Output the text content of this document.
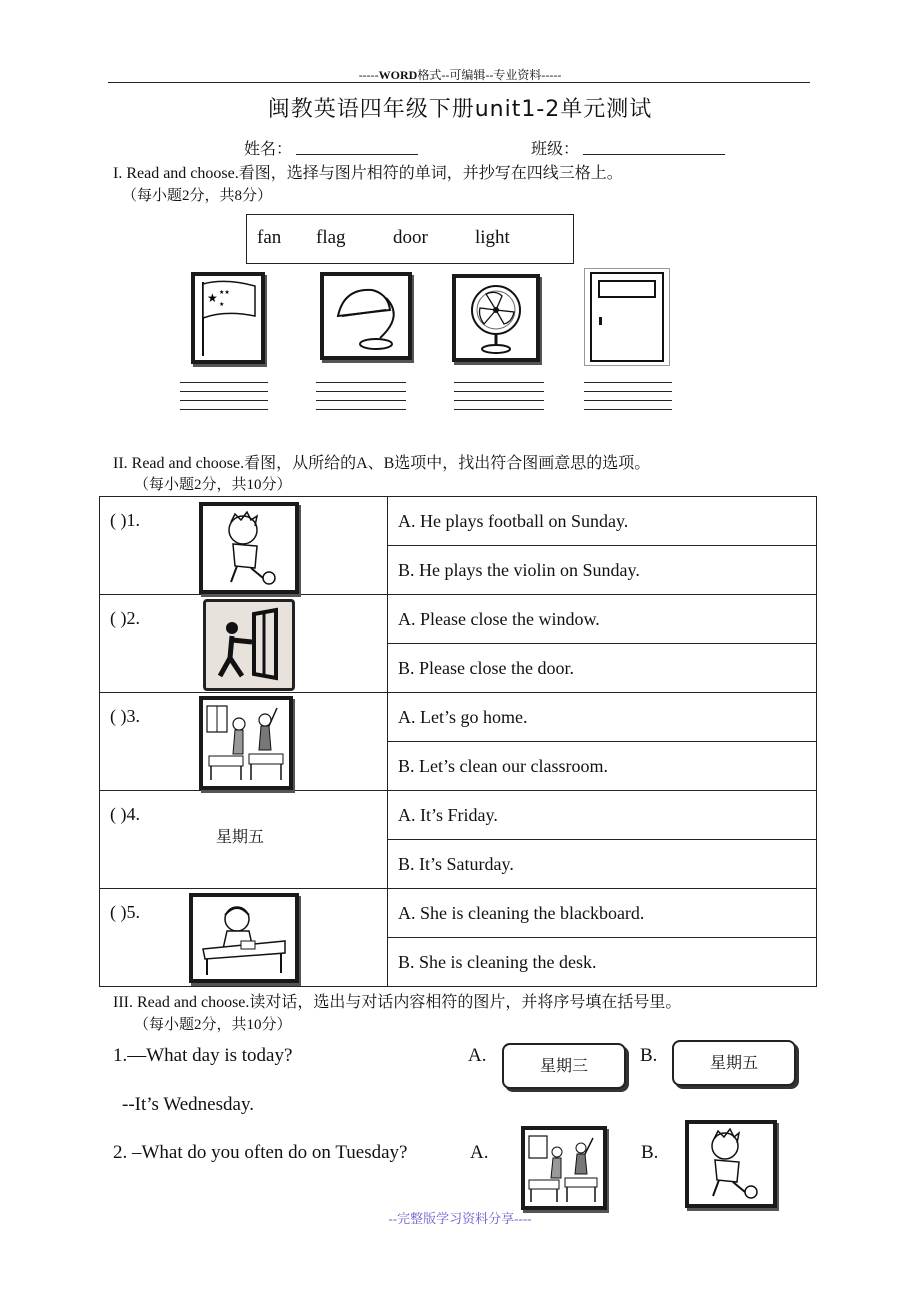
-----WORD格式--可编辑--专业资料-----
闽教英语四年级下册unit1-2单元测试
姓名：	班级：
I. Read and choose.看图，选择与图片相符的单词，并抄写在四线三格上。
（每小题2分，共8分）
fan flag door light
★ ★★
★
II. Read and choose.看图，从所给的A、B选项中，找出符合图画意思的选项。
（每小题2分，共10分）
( )1.	A. He plays football on Sunday.
	B. He plays the violin on Sunday.

( )2.	A. Please close the window.
	B. Please close the door.

( )3.	A. Let’s go home.
	B. Let’s clean our classroom.

( )4.
星期五	A. It’s Friday.
	B. It’s Saturday.

( )5.	A. She is cleaning the blackboard.
	B. She is cleaning the desk.
III. Read and choose.读对话，选出与对话内容相符的图片，并将序号填在括号里。
（每小题2分，共10分）
1.—What day is today?
--It’s Wednesday.
A.	星期三	B.	星期五
2. –What do you often do on Tuesday?	A.	B.
--完整版学习资料分享----
